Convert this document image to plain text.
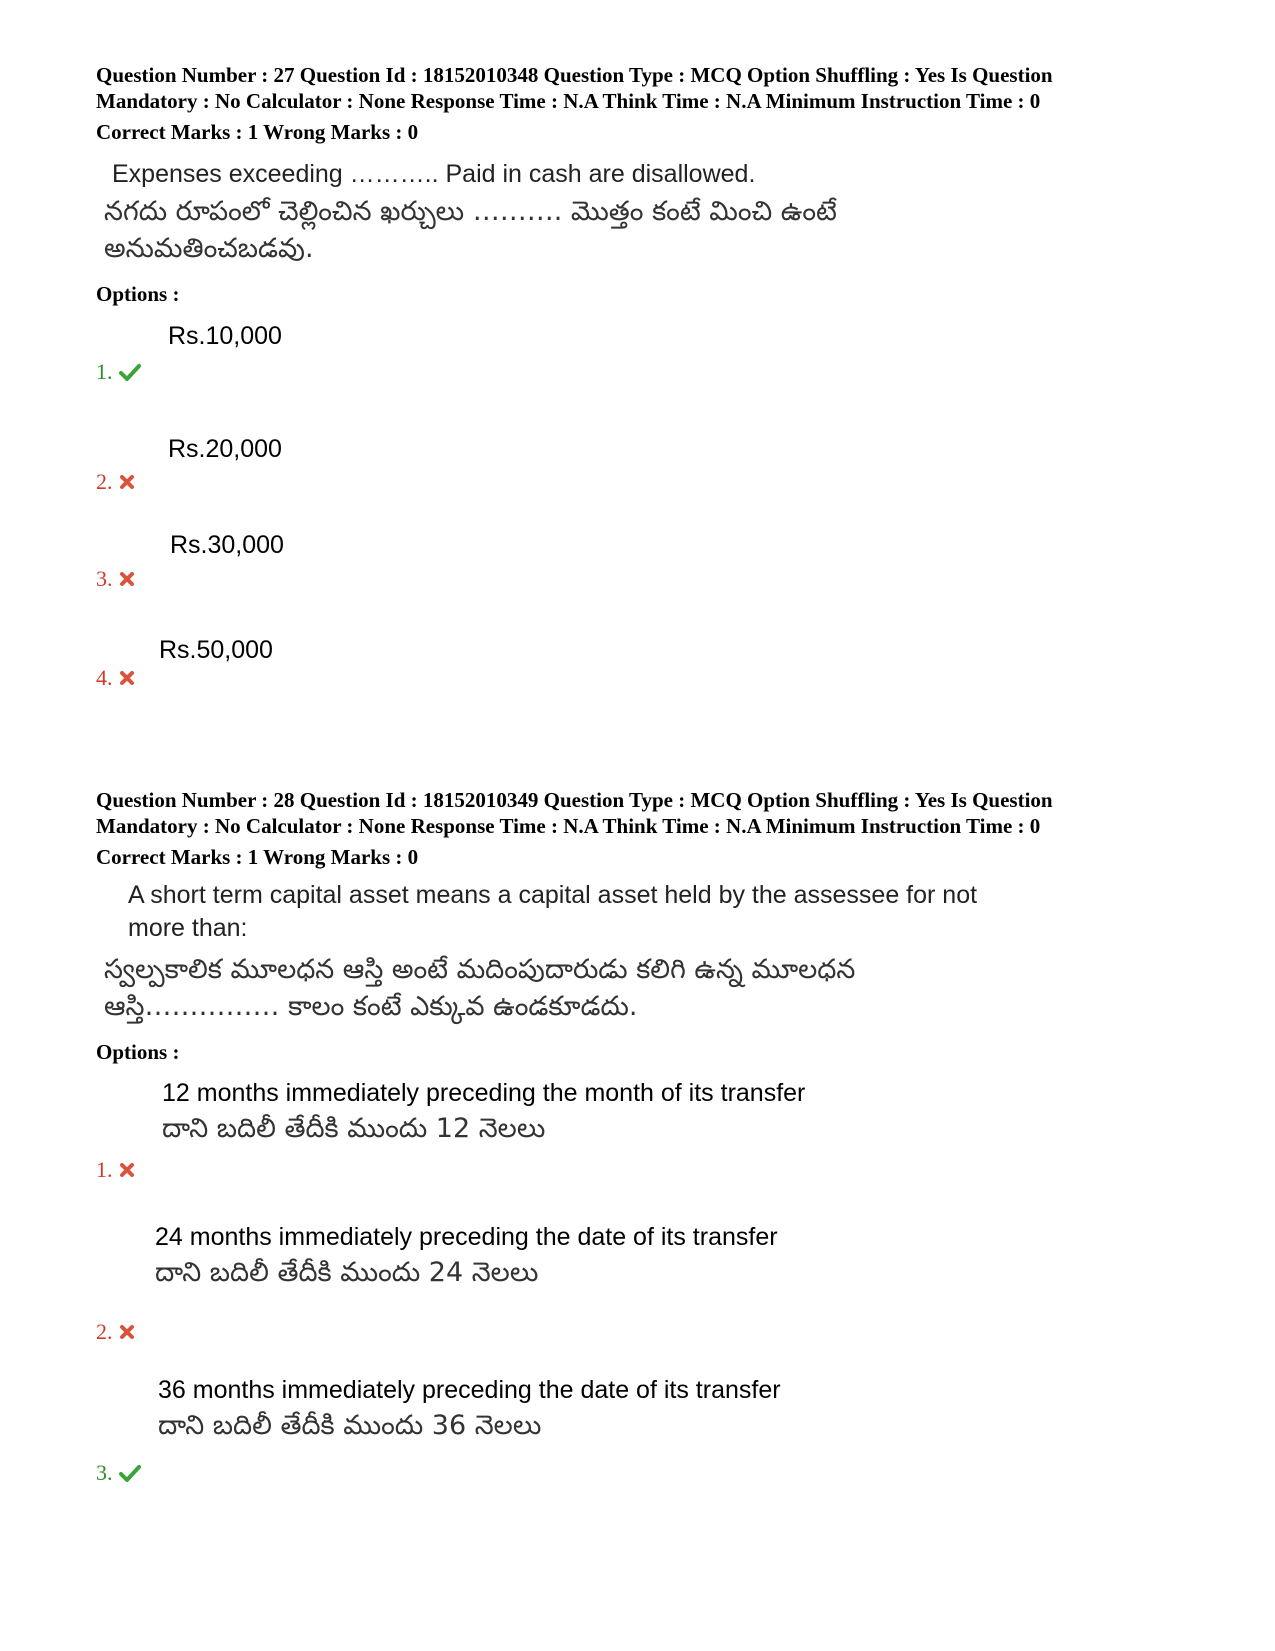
Question Number : 27 Question Id : 18152010348 Question Type : MCQ Option Shuffling : Yes Is Question
Mandatory : No Calculator : None Response Time : N.A Think Time : N.A Minimum Instruction Time : 0
Correct Marks : 1 Wrong Marks : 0
Expenses exceeding ……….. Paid in cash are disallowed.
నగదు రూపంలో చెల్లించిన ఖర్చులు ………. మొత్తం కంటే మించి ఉంటే
అనుమతించబడవు.
Options :
Rs.10,000
1.
Rs.20,000
2.
Rs.30,000
3.
Rs.50,000
4.
Question Number : 28 Question Id : 18152010349 Question Type : MCQ Option Shuffling : Yes Is Question
Mandatory : No Calculator : None Response Time : N.A Think Time : N.A Minimum Instruction Time : 0
Correct Marks : 1 Wrong Marks : 0
A short term capital asset means a capital asset held by the assessee for not
more than:
స్వల్పకాలిక మూలధన ఆస్తి అంటే మదింపుదారుడు కలిగి ఉన్న మూలధన
ఆస్తి…………… కాలం కంటే ఎక్కువ ఉండకూడదు.
Options :
12 months immediately preceding the month of its transfer
దాని బదిలీ తేదీకి ముందు 12 నెలలు
1.
24 months immediately preceding the date of its transfer
దాని బదిలీ తేదీకి ముందు 24 నెలలు
2.
36 months immediately preceding the date of its transfer
దాని బదిలీ తేదీకి ముందు 36 నెలలు
3.
